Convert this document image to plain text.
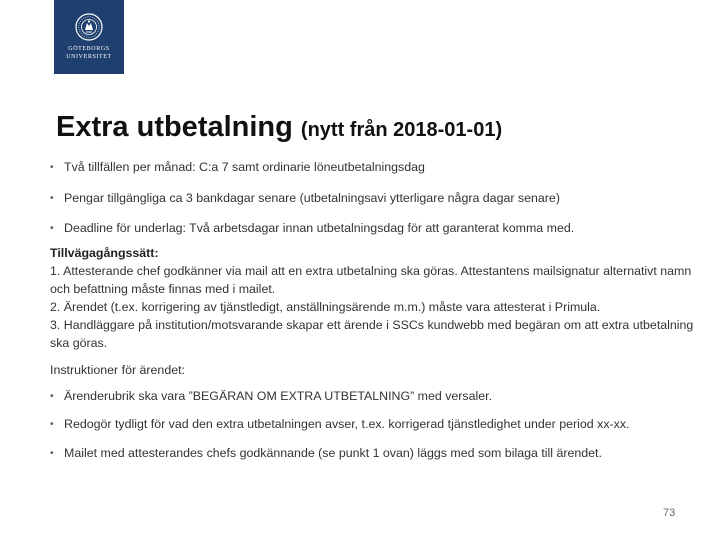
GÖTEBORGS
UNIVERSITET
Extra utbetalning (nytt från 2018-01-01)
• Två tillfällen per månad: C:a 7 samt ordinarie löneutbetalningsdag
• Pengar tillgängliga ca 3 bankdagar senare (utbetalningsavi ytterligare några dagar senare)
• Deadline för underlag: Två arbetsdagar innan utbetalningsdag för att garanterat komma med.
Tillvägagångssätt:
1. Attesterande chef godkänner via mail att en extra utbetalning ska göras. Attestantens mailsignatur alternativt namn och befattning måste finnas med i mailet.
2. Ärendet (t.ex. korrigering av tjänstledigt, anställningsärende m.m.) måste vara attesterat i Primula.
3. Handläggare på institution/motsvarande skapar ett ärende i SSCs kundwebb med begäran om att extra utbetalning ska göras.
Instruktioner för ärendet:
• Ärenderubrik ska vara ”BEGÄRAN OM EXTRA UTBETALNING” med versaler.
• Redogör tydligt för vad den extra utbetalningen avser, t.ex. korrigerad tjänstledighet under period xx-xx.
• Mailet med attesterandes chefs godkännande (se punkt 1 ovan) läggs med som bilaga till ärendet.
73
